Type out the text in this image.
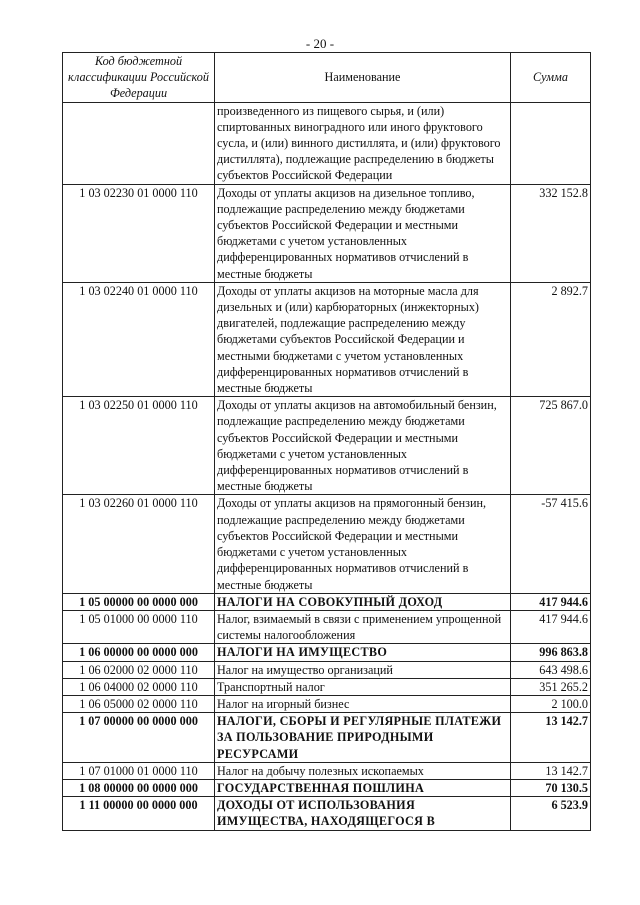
- 20 -
Код бюджетной классификации Российской Федерации	Наименование	Сумма
	произведенного из пищевого сырья, и (или) спиртованных виноградного или иного фруктового сусла, и (или) винного дистиллята, и (или) фруктового дистиллята), подлежащие распределению в бюджеты субъектов Российской Федерации	
1 03 02230 01 0000 110	Доходы от уплаты акцизов на дизельное топливо, подлежащие распределению между бюджетами субъектов Российской Федерации и местными бюджетами с учетом установленных дифференцированных нормативов отчислений в местные бюджеты	332 152.8
1 03 02240 01 0000 110	Доходы от уплаты акцизов на моторные масла для дизельных и (или) карбюраторных (инжекторных) двигателей, подлежащие распределению между бюджетами субъектов Российской Федерации и местными бюджетами с учетом установленных дифференцированных нормативов отчислений в местные бюджеты	2 892.7
1 03 02250 01 0000 110	Доходы от уплаты акцизов на автомобильный бензин, подлежащие распределению между бюджетами субъектов Российской Федерации и местными бюджетами с учетом установленных дифференцированных нормативов отчислений в местные бюджеты	725 867.0
1 03 02260 01 0000 110	Доходы от уплаты акцизов на прямогонный бензин, подлежащие распределению между бюджетами субъектов Российской Федерации и местными бюджетами с учетом установленных дифференцированных нормативов отчислений в местные бюджеты	-57 415.6
1 05 00000 00 0000 000	НАЛОГИ НА СОВОКУПНЫЙ ДОХОД	417 944.6
1 05 01000 00 0000 110	Налог, взимаемый в связи с применением упрощенной системы налогообложения	417 944.6
1 06 00000 00 0000 000	НАЛОГИ НА ИМУЩЕСТВО	996 863.8
1 06 02000 02 0000 110	Налог на имущество организаций	643 498.6
1 06 04000 02 0000 110	Транспортный налог	351 265.2
1 06 05000 02 0000 110	Налог на игорный бизнес	2 100.0
1 07 00000 00 0000 000	НАЛОГИ, СБОРЫ И РЕГУЛЯРНЫЕ ПЛАТЕЖИ ЗА ПОЛЬЗОВАНИЕ ПРИРОДНЫМИ РЕСУРСАМИ	13 142.7
1 07 01000 01 0000 110	Налог на добычу полезных ископаемых	13 142.7
1 08 00000 00 0000 000	ГОСУДАРСТВЕННАЯ ПОШЛИНА	70 130.5
1 11 00000 00 0000 000	ДОХОДЫ ОТ ИСПОЛЬЗОВАНИЯ ИМУЩЕСТВА, НАХОДЯЩЕГОСЯ В	6 523.9
